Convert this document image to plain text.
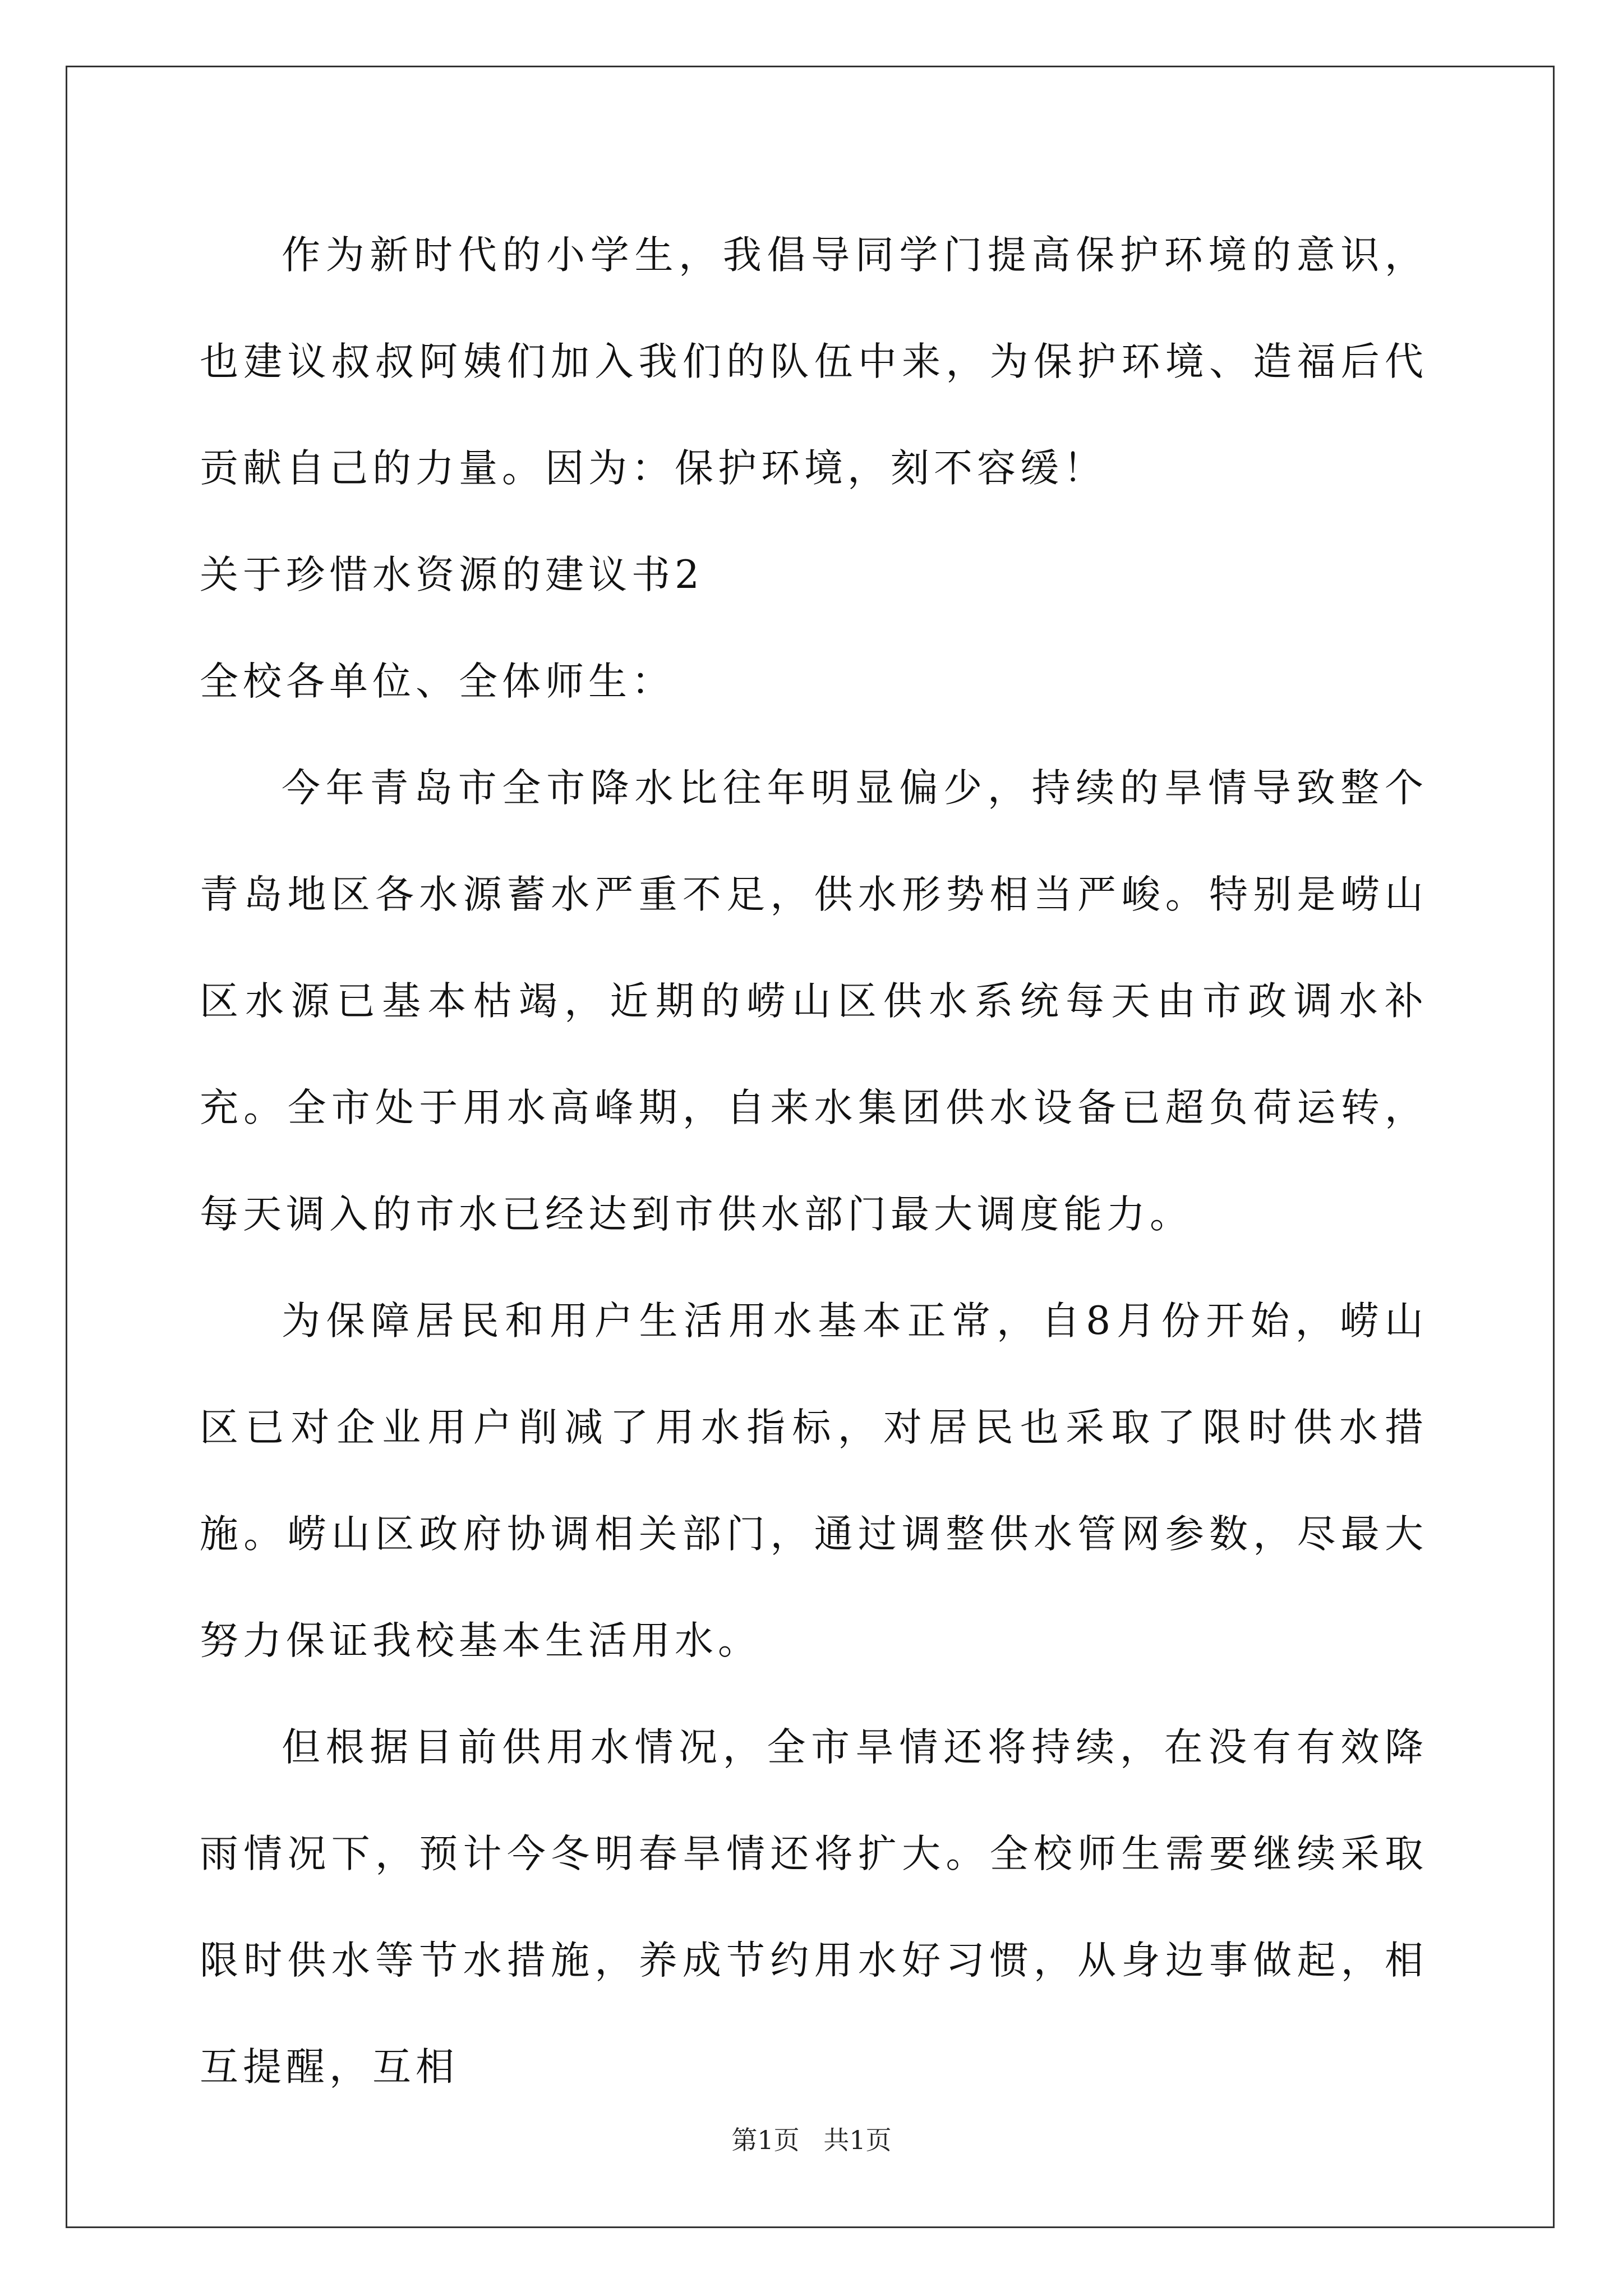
作为新时代的小学生，我倡导同学门提高保护环境的意识，也建议叔叔阿姨们加入我们的队伍中来，为保护环境、造福后代贡献自己的力量。因为：保护环境，刻不容缓！

关于珍惜水资源的建议书2

全校各单位、全体师生：

今年青岛市全市降水比往年明显偏少，持续的旱情导致整个青岛地区各水源蓄水严重不足，供水形势相当严峻。特别是崂山区水源已基本枯竭，近期的崂山区供水系统每天由市政调水补充。全市处于用水高峰期，自来水集团供水设备已超负荷运转，每天调入的市水已经达到市供水部门最大调度能力。

为保障居民和用户生活用水基本正常，自8月份开始，崂山区已对企业用户削减了用水指标，对居民也采取了限时供水措施。崂山区政府协调相关部门，通过调整供水管网参数，尽最大努力保证我校基本生活用水。

但根据目前供用水情况，全市旱情还将持续，在没有有效降雨情况下，预计今冬明春旱情还将扩大。全校师生需要继续采取限时供水等节水措施，养成节约用水好习惯，从身边事做起，相互提醒，互相

第1页 共1页
